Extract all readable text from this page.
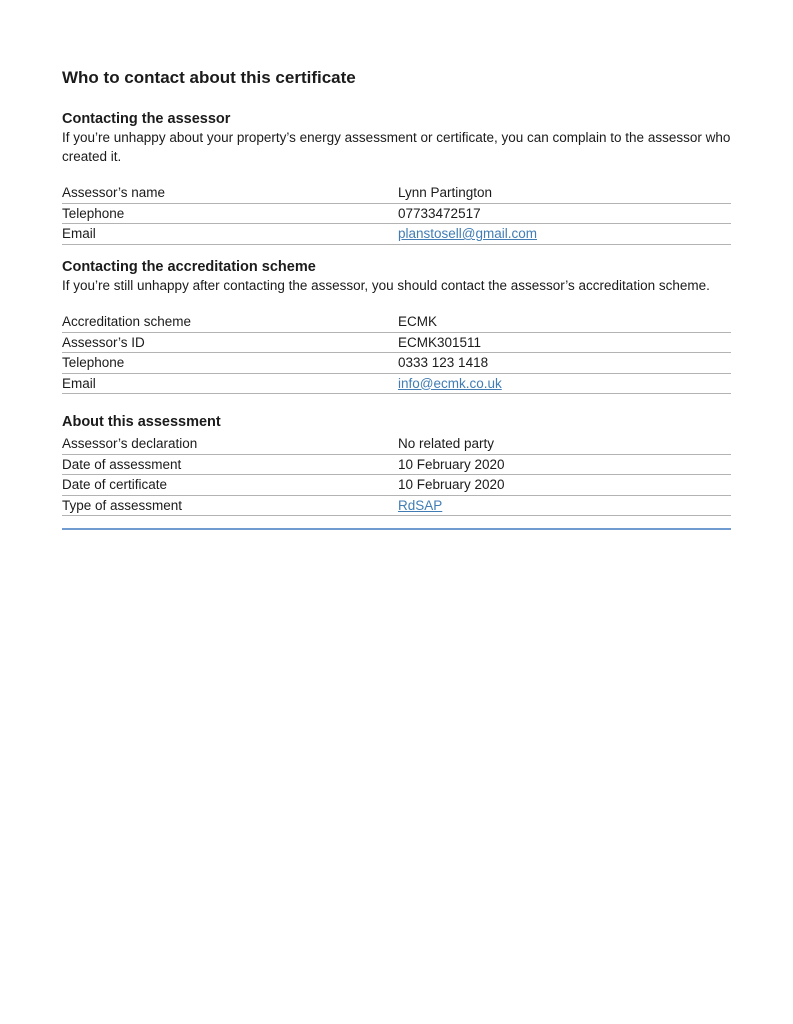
Who to contact about this certificate
Contacting the assessor

If you’re unhappy about your property’s energy assessment or certificate, you can complain to the assessor who created it.

Assessor’s name	Lynn Partington
Telephone	07733472517
Email	planstosell@gmail.com
Contacting the accreditation scheme

If you’re still unhappy after contacting the assessor, you should contact the assessor’s accreditation scheme.

Accreditation scheme	ECMK
Assessor’s ID	ECMK301511
Telephone	0333 123 1418
Email	info@ecmk.co.uk
About this assessment
Assessor’s declaration	No related party
Date of assessment	10 February 2020
Date of certificate	10 February 2020
Type of assessment	RdSAP
